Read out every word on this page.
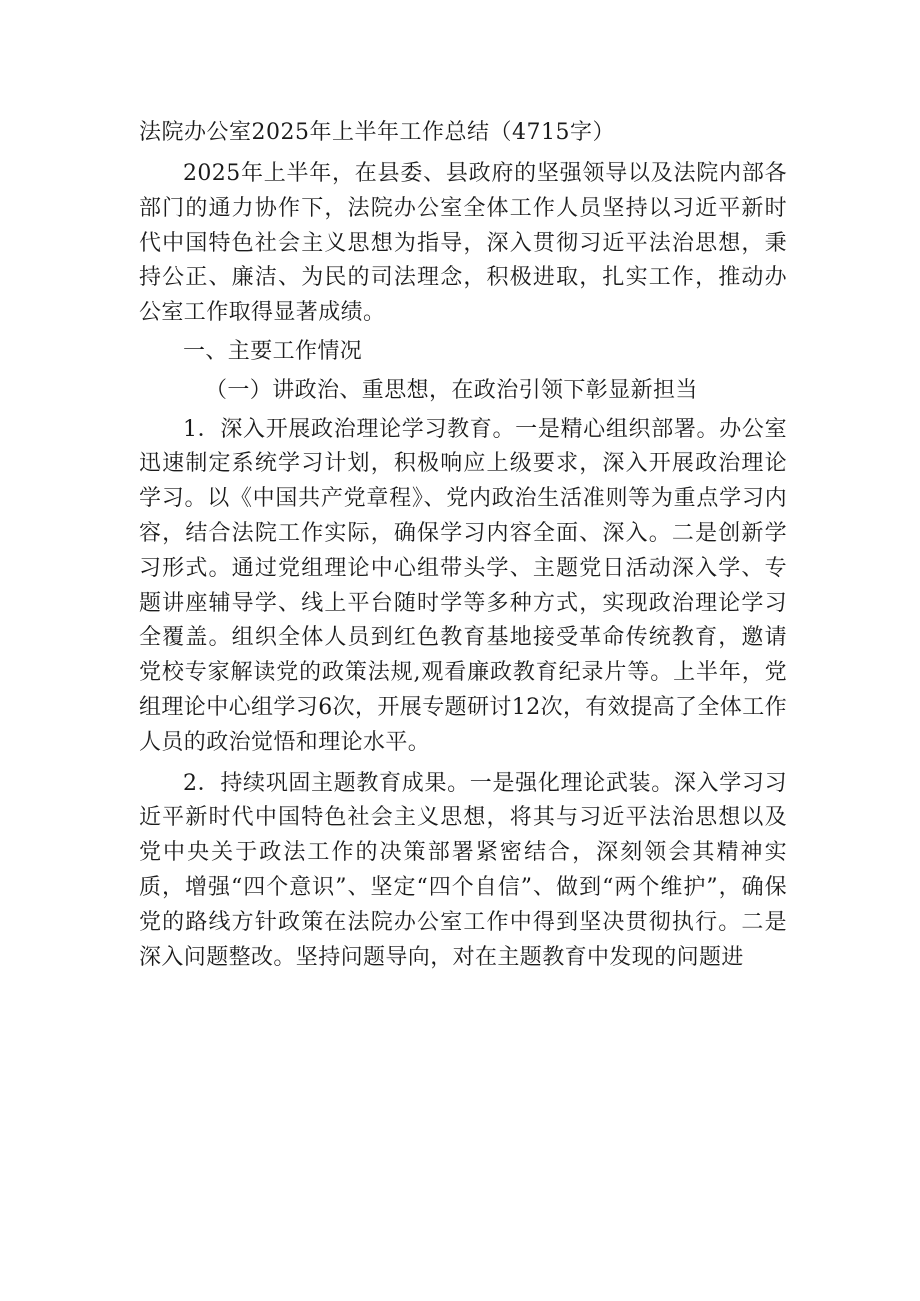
法院办公室2025年上半年工作总结（4715字）

2025年上半年，在县委、县政府的坚强领导以及法院内部各部门的通力协作下，法院办公室全体工作人员坚持以习近平新时代中国特色社会主义思想为指导，深入贯彻习近平法治思想，秉持公正、廉洁、为民的司法理念，积极进取，扎实工作，推动办公室工作取得显著成绩。

一、主要工作情况

（一）讲政治、重思想，在政治引领下彰显新担当

1．深入开展政治理论学习教育。一是精心组织部署。办公室迅速制定系统学习计划，积极响应上级要求，深入开展政治理论学习。以《中国共产党章程》、党内政治生活准则等为重点学习内容，结合法院工作实际，确保学习内容全面、深入。二是创新学习形式。通过党组理论中心组带头学、主题党日活动深入学、专题讲座辅导学、线上平台随时学等多种方式，实现政治理论学习全覆盖。组织全体人员到红色教育基地接受革命传统教育，邀请党校专家解读党的政策法规,观看廉政教育纪录片等。上半年，党组理论中心组学习6次，开展专题研讨12次，有效提高了全体工作人员的政治觉悟和理论水平。

2．持续巩固主题教育成果。一是强化理论武装。深入学习习近平新时代中国特色社会主义思想，将其与习近平法治思想以及党中央关于政法工作的决策部署紧密结合，深刻领会其精神实质，增强“四个意识”、坚定“四个自信”、做到“两个维护”，确保党的路线方针政策在法院办公室工作中得到坚决贯彻执行。二是深入问题整改。坚持问题导向，对在主题教育中发现的问题进
